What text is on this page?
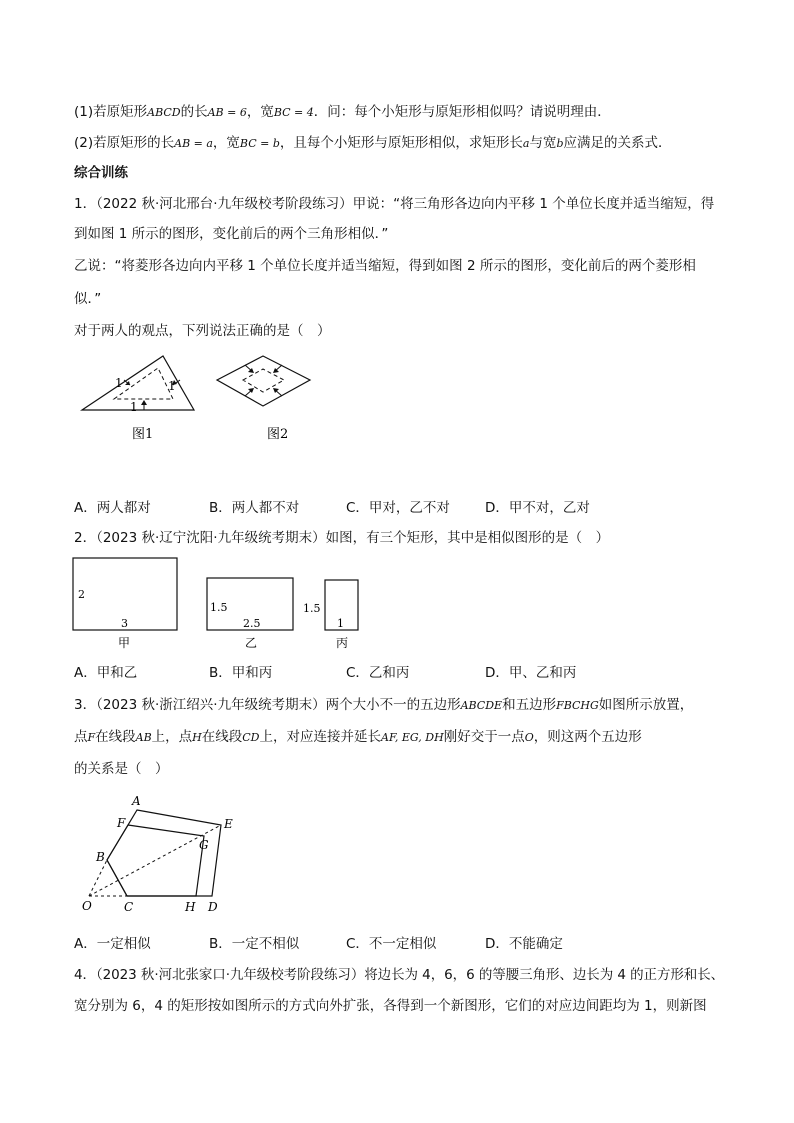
(1)若原矩形ABCD的长AB = 6，宽BC = 4．问：每个小矩形与原矩形相似吗？请说明理由．
(2)若原矩形的长AB = a，宽BC = b，且每个小矩形与原矩形相似，求矩形长a与宽b应满足的关系式．
综合训练
1．（2022 秋·河北邢台·九年级校考阶段练习）甲说：“将三角形各边向内平移 1 个单位长度并适当缩短，得
到如图 1 所示的图形，变化前后的两个三角形相似．”
乙说：“将菱形各边向内平移 1 个单位长度并适当缩短，得到如图 2 所示的图形，变化前后的两个菱形相
似．”
对于两人的观点，下列说法正确的是（　）
1	1
1
图1	图2
A．两人都对	B．两人都不对	C．甲对，乙不对	D．甲不对，乙对
2．（2023 秋·辽宁沈阳·九年级统考期末）如图，有三个矩形，其中是相似图形的是（　）
2
3
甲
1.5
2.5
乙
1.5
1
丙
A．甲和乙	B．甲和丙	C．乙和丙	D．甲、乙和丙
3．（2023 秋·浙江绍兴·九年级统考期末）两个大小不一的五边形ABCDE和五边形FBCHG如图所示放置，
点F在线段AB上，点H在线段CD上，对应连接并延长AF, EG, DH刚好交于一点O，则这两个五边形
的关系是（　）
A
F	E
G
B
O	C	H D
A．一定相似	B．一定不相似	C．不一定相似	D．不能确定
4．（2023 秋·河北张家口·九年级校考阶段练习）将边长为 4，6，6 的等腰三角形、边长为 4 的正方形和长、
宽分别为 6，4 的矩形按如图所示的方式向外扩张，各得到一个新图形，它们的对应边间距均为 1，则新图
